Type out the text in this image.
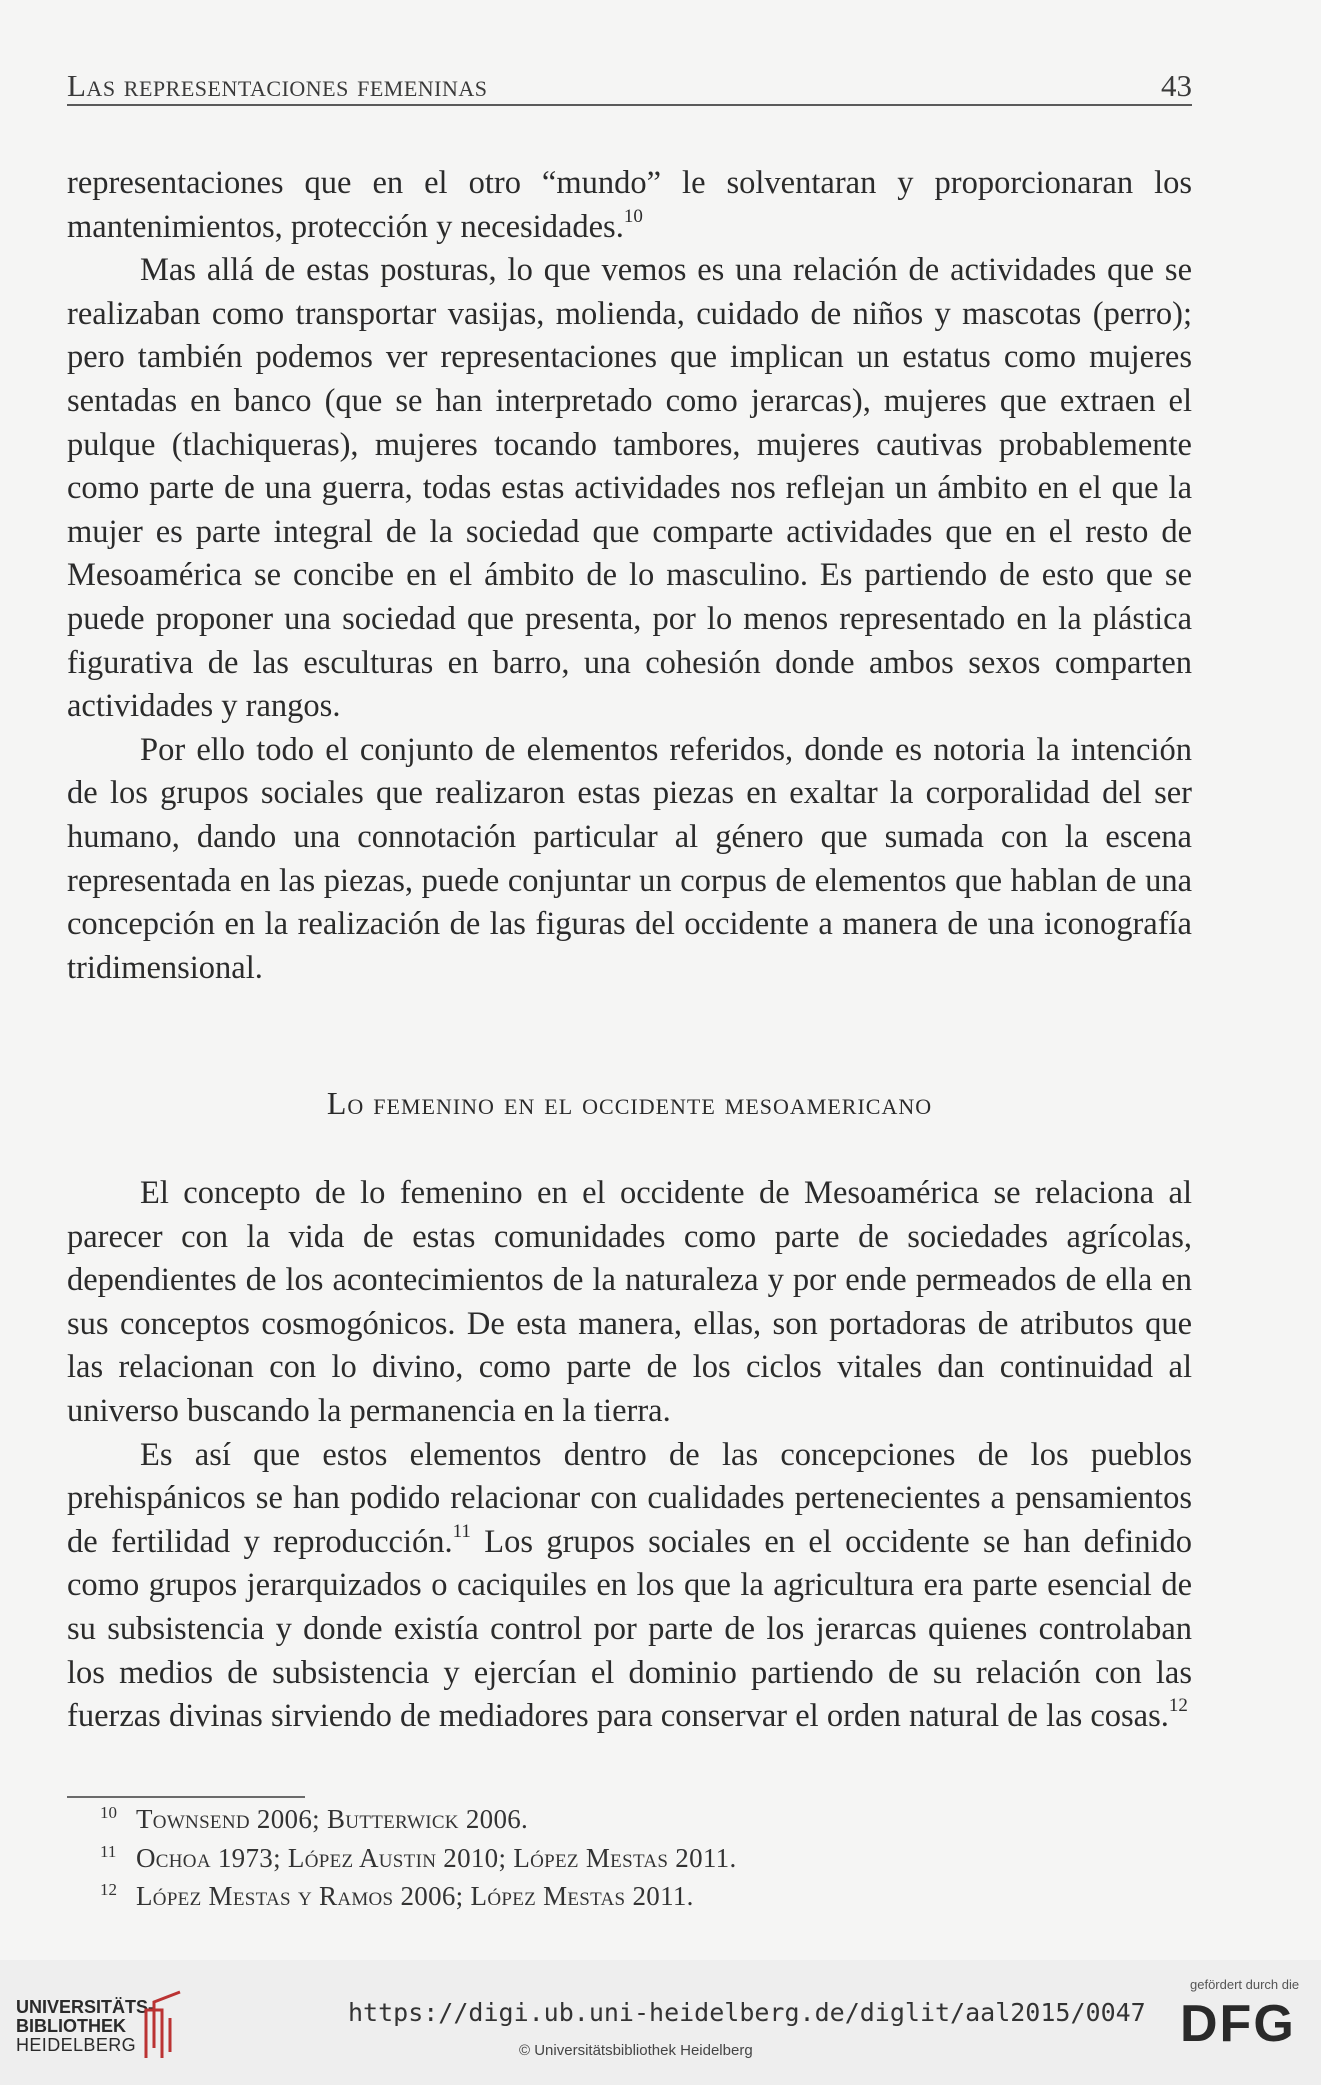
Las representaciones femeninas	43

representaciones que en el otro “mundo” le solventaran y proporcionaran los mantenimientos, protección y necesidades.$^{10}$

Mas allá de estas posturas, lo que vemos es una relación de actividades que se realizaban como transportar vasijas, molienda, cuidado de niños y mascotas (perro); pero también podemos ver representaciones que implican un estatus como mujeres sentadas en banco (que se han interpretado como jerarcas), mujeres que extraen el pulque (tlachiqueras), mujeres tocando tambores, mujeres cautivas probablemente como parte de una guerra, todas estas actividades nos reflejan un ámbito en el que la mujer es parte integral de la sociedad que comparte actividades que en el resto de Mesoamérica se concibe en el ámbito de lo masculino. Es partiendo de esto que se puede proponer una sociedad que presenta, por lo menos representado en la plástica figurativa de las esculturas en barro, una cohesión donde ambos sexos comparten actividades y rangos.

Por ello todo el conjunto de elementos referidos, donde es notoria la intención de los grupos sociales que realizaron estas piezas en exaltar la corporalidad del ser humano, dando una connotación particular al género que sumada con la escena representada en las piezas, puede conjuntar un corpus de elementos que hablan de una concepción en la realización de las figuras del occidente a manera de una iconografía tridimensional.

Lo femenino en el occidente mesoamericano

El concepto de lo femenino en el occidente de Mesoamérica se relaciona al parecer con la vida de estas comunidades como parte de sociedades agrícolas, dependientes de los acontecimientos de la naturaleza y por ende permeados de ella en sus conceptos cosmogónicos. De esta manera, ellas, son portadoras de atributos que las relacionan con lo divino, como parte de los ciclos vitales dan continuidad al universo buscando la permanencia en la tierra.

Es así que estos elementos dentro de las concepciones de los pueblos prehispánicos se han podido relacionar con cualidades pertenecientes a pensamientos de fertilidad y reproducción.$^{11}$ Los grupos sociales en el occidente se han definido como grupos jerarquizados o caciquiles en los que la agricultura era parte esencial de su subsistencia y donde existía control por parte de los jerarcas quienes controlaban los medios de subsistencia y ejercían el dominio partiendo de su relación con las fuerzas divinas sirviendo de mediadores para conservar el orden natural de las cosas.$^{12}$

10 Townsend 2006; Butterwick 2006.
11 Ochoa 1973; López Austin 2010; López Mestas 2011.
12 López Mestas y Ramos 2006; López Mestas 2011.
UNIVERSITÄTS-
BIBLIOTHEK
HEIDELBERG
https://digi.ub.uni-heidelberg.de/diglit/aal2015/0047
© Universitätsbibliothek Heidelberg
gefördert durch die
DFG
